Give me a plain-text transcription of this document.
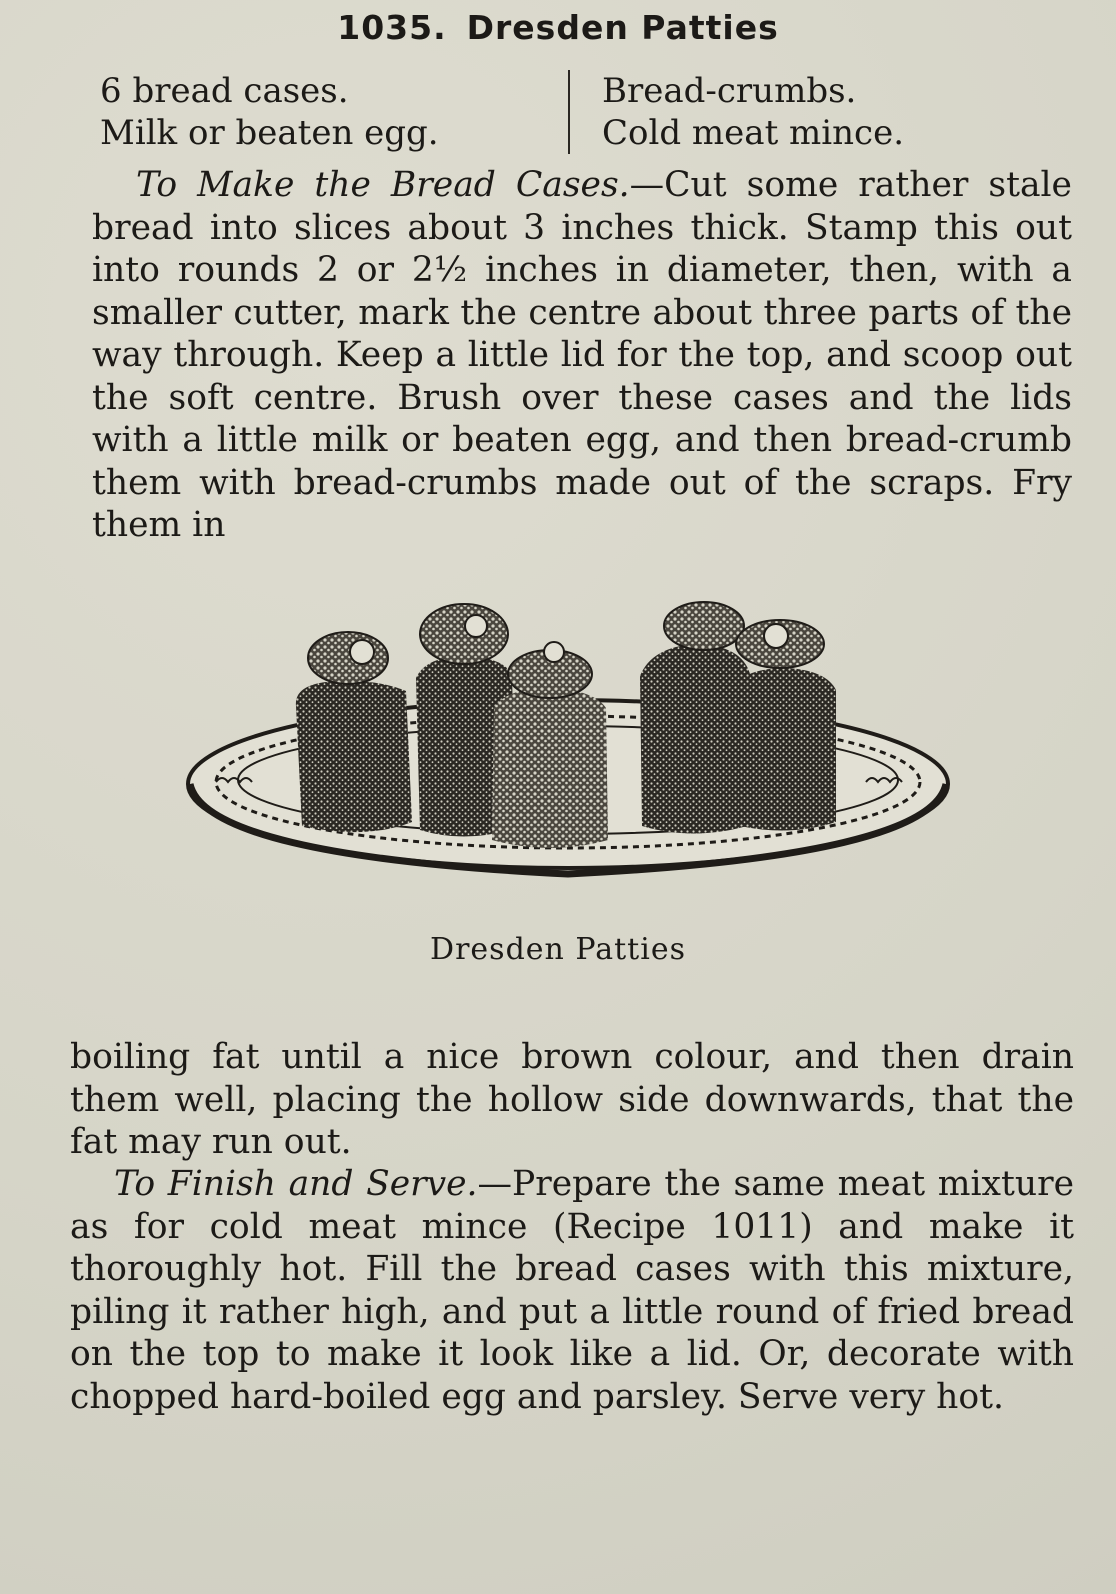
1035. Dresden Patties
6 bread cases.
Milk or beaten egg.
Bread-crumbs.
Cold meat mince.
To Make the Bread Cases.—Cut some rather stale bread into slices about 3 inches thick. Stamp this out into rounds 2 or 2½ inches in diameter, then, with a smaller cutter, mark the centre about three parts of the way through. Keep a little lid for the top, and scoop out the soft centre. Brush over these cases and the lids with a little milk or beaten egg, and then bread-crumb them with bread-crumbs made out of the scraps. Fry them in
Dresden Patties
boiling fat until a nice brown colour, and then drain them well, placing the hollow side downwards, that the fat may run out.
To Finish and Serve.—Prepare the same meat mixture as for cold meat mince (Recipe 1011) and make it thoroughly hot. Fill the bread cases with this mixture, piling it rather high, and put a little round of fried bread on the top to make it look like a lid. Or, decorate with chopped hard-boiled egg and parsley. Serve very hot.
